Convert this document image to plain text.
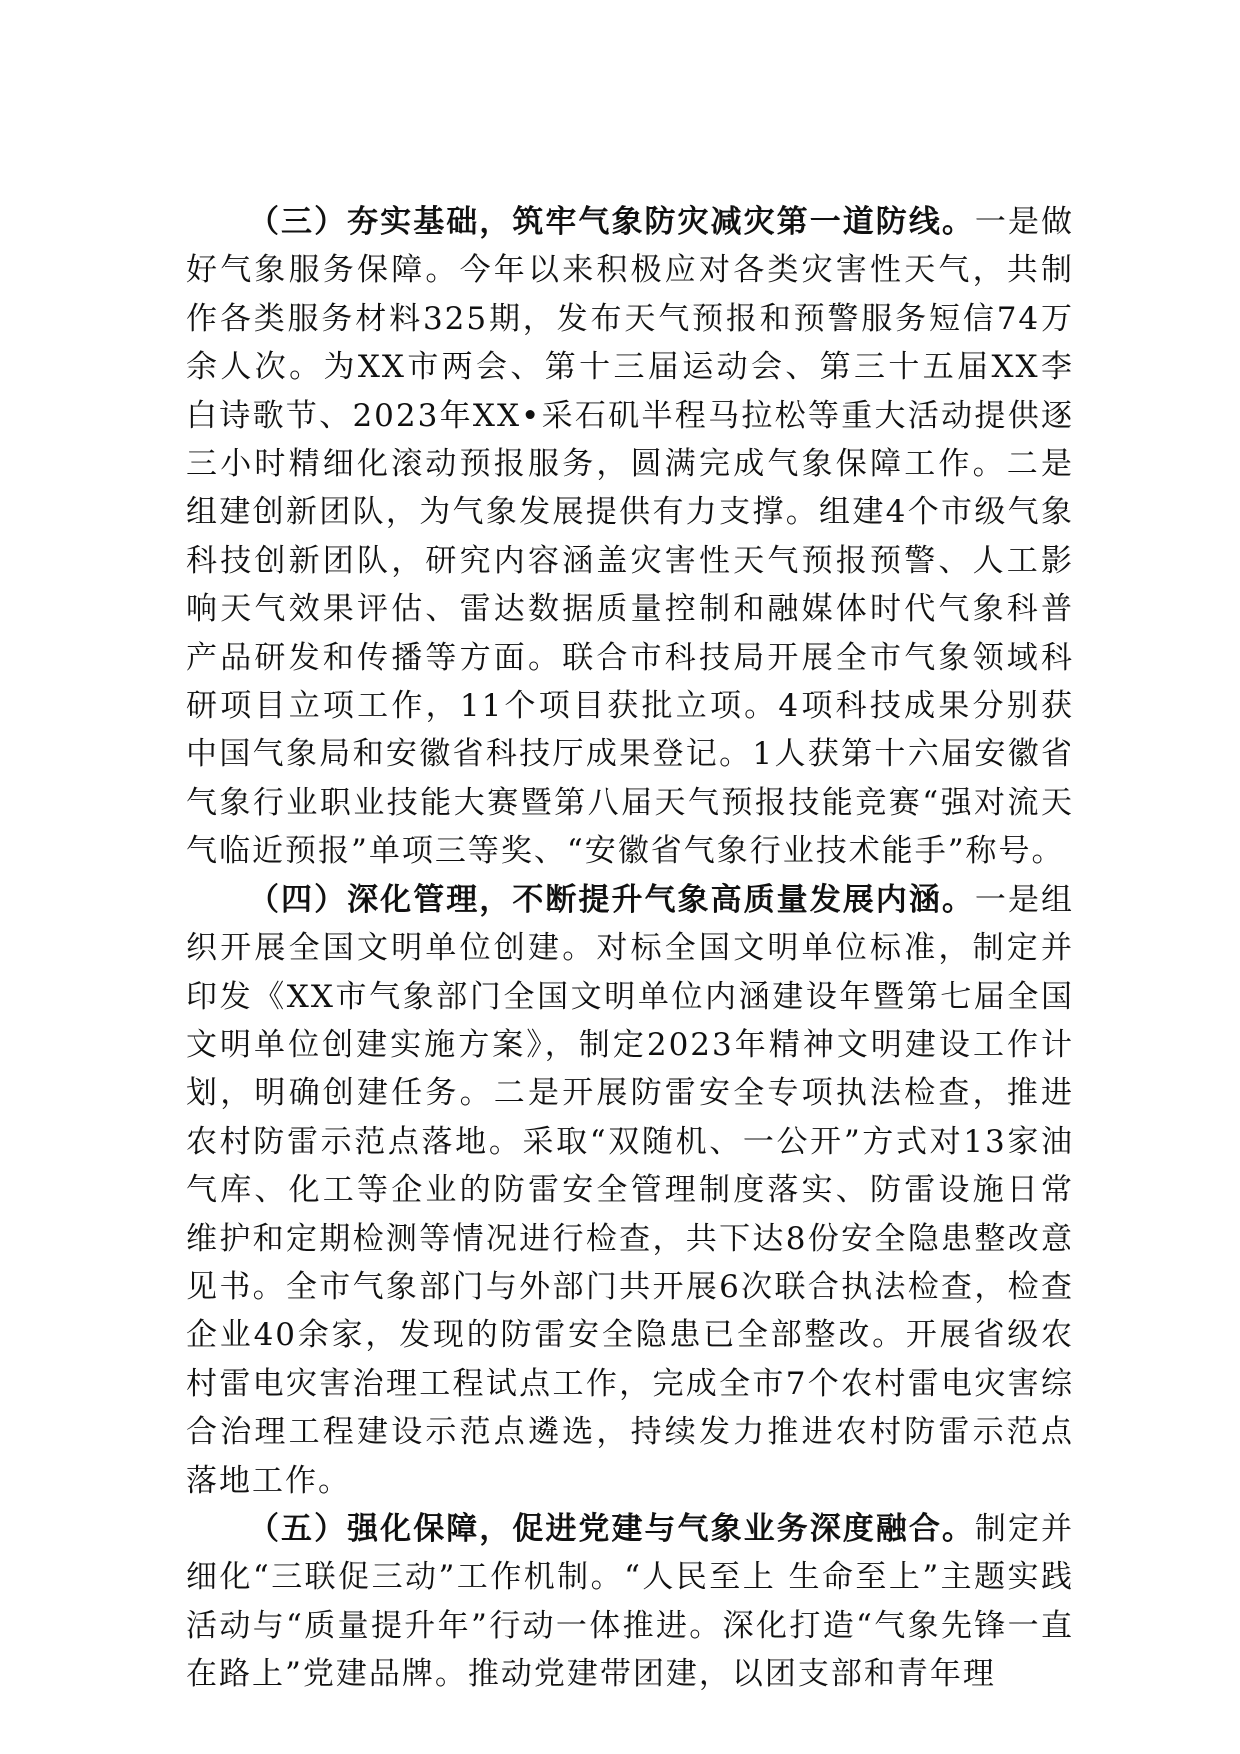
（三）夯实基础，筑牢气象防灾减灾第一道防线。一是做好气象服务保障。今年以来积极应对各类灾害性天气，共制作各类服务材料325期，发布天气预报和预警服务短信74万余人次。为XX市两会、第十三届运动会、第三十五届XX李白诗歌节、2023年XX•采石矶半程马拉松等重大活动提供逐三小时精细化滚动预报服务，圆满完成气象保障工作。二是组建创新团队，为气象发展提供有力支撑。组建4个市级气象科技创新团队，研究内容涵盖灾害性天气预报预警、人工影响天气效果评估、雷达数据质量控制和融媒体时代气象科普产品研发和传播等方面。联合市科技局开展全市气象领域科研项目立项工作，11个项目获批立项。4项科技成果分别获中国气象局和安徽省科技厅成果登记。1人获第十六届安徽省气象行业职业技能大赛暨第八届天气预报技能竞赛“强对流天气临近预报”单项三等奖、“安徽省气象行业技术能手”称号。

（四）深化管理，不断提升气象高质量发展内涵。一是组织开展全国文明单位创建。对标全国文明单位标准，制定并印发《XX市气象部门全国文明单位内涵建设年暨第七届全国文明单位创建实施方案》，制定2023年精神文明建设工作计划，明确创建任务。二是开展防雷安全专项执法检查，推进农村防雷示范点落地。采取“双随机、一公开”方式对13家油气库、化工等企业的防雷安全管理制度落实、防雷设施日常维护和定期检测等情况进行检查，共下达8份安全隐患整改意见书。全市气象部门与外部门共开展6次联合执法检查，检查企业40余家，发现的防雷安全隐患已全部整改。开展省级农村雷电灾害治理工程试点工作，完成全市7个农村雷电灾害综合治理工程建设示范点遴选，持续发力推进农村防雷示范点落地工作。

（五）强化保障，促进党建与气象业务深度融合。制定并细化“三联促三动”工作机制。“人民至上 生命至上”主题实践活动与“质量提升年”行动一体推进。深化打造“气象先锋一直在路上”党建品牌。推动党建带团建，以团支部和青年理
